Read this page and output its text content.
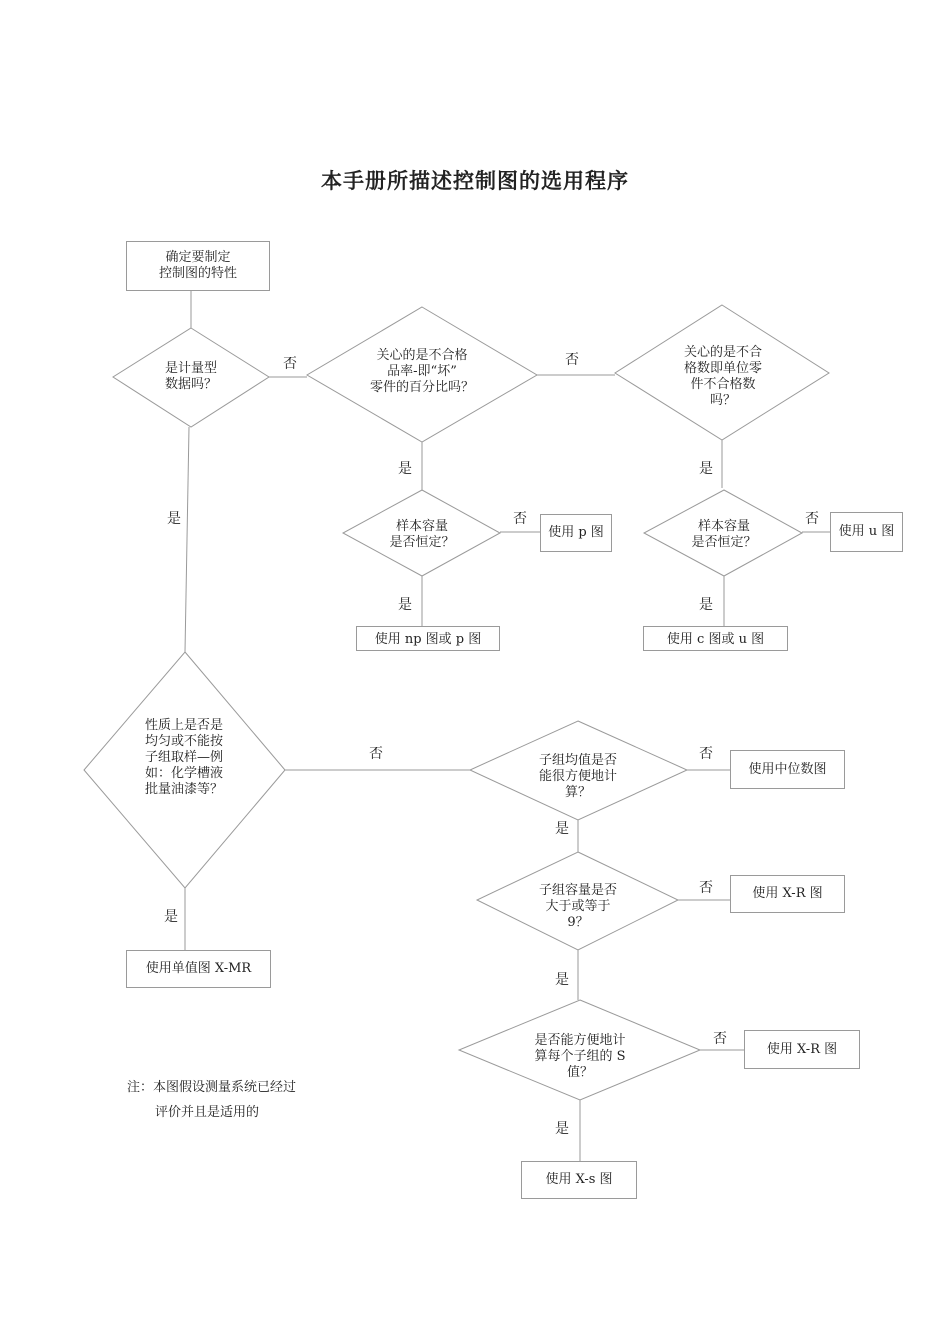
本手册所描述控制图的选用程序
确定要制定
控制图的特性
使用 p 图
使用 np 图或 p 图
使用 u 图
使用 c 图或 u 图
使用单值图 X-MR
使用中位数图
使用 X-R 图
使用 X-R 图
使用 X-s 图
是计量型
数据吗？
关心的是不合格
品率-即“坏”
零件的百分比吗？
关心的是不合
格数即单位零
件不合格数
吗？
样本容量
是否恒定？
样本容量
是否恒定？
性质上是否是
均匀或不能按
子组取样—例
如：化学槽液
批量油漆等？
子组均值是否
能很方便地计
算？
子组容量是否
大于或等于
9？
是否能方便地计
算每个子组的 S
值？
否	否
是	是
否
是
否
是
是
否
是
否
是
否
是
否
是
注：本图假设测量系统已经过
评价并且是适用的
